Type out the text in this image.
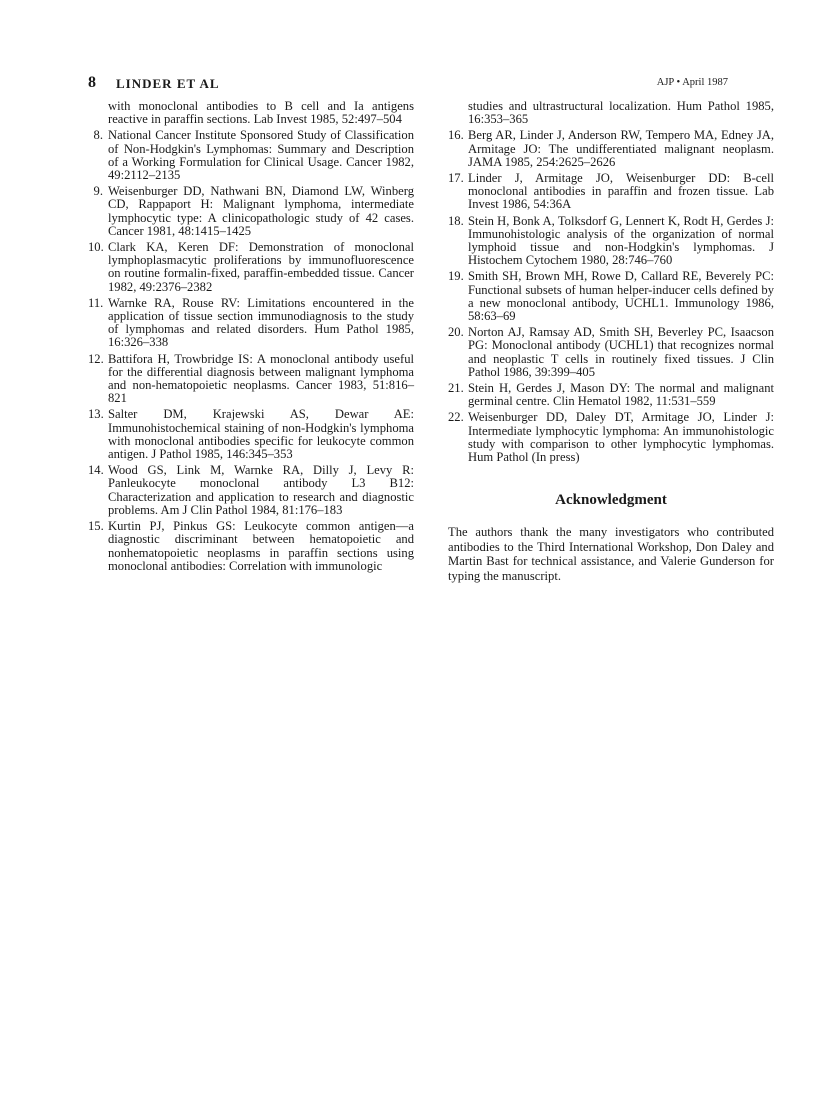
8 LINDER ET AL	AJP • April 1987
with monoclonal antibodies to B cell and Ia antigens reactive in paraffin sections. Lab Invest 1985, 52:497–504
8. National Cancer Institute Sponsored Study of Classification of Non-Hodgkin's Lymphomas: Summary and Description of a Working Formulation for Clinical Usage. Cancer 1982, 49:2112–2135
9. Weisenburger DD, Nathwani BN, Diamond LW, Winberg CD, Rappaport H: Malignant lymphoma, intermediate lymphocytic type: A clinicopathologic study of 42 cases. Cancer 1981, 48:1415–1425
10. Clark KA, Keren DF: Demonstration of monoclonal lymphoplasmacytic proliferations by immunofluorescence on routine formalin-fixed, paraffin-embedded tissue. Cancer 1982, 49:2376–2382
11. Warnke RA, Rouse RV: Limitations encountered in the application of tissue section immunodiagnosis to the study of lymphomas and related disorders. Hum Pathol 1985, 16:326–338
12. Battifora H, Trowbridge IS: A monoclonal antibody useful for the differential diagnosis between malignant lymphoma and non-hematopoietic neoplasms. Cancer 1983, 51:816–821
13. Salter DM, Krajewski AS, Dewar AE: Immunohistochemical staining of non-Hodgkin's lymphoma with monoclonal antibodies specific for leukocyte common antigen. J Pathol 1985, 146:345–353
14. Wood GS, Link M, Warnke RA, Dilly J, Levy R: Panleukocyte monoclonal antibody L3 B12: Characterization and application to research and diagnostic problems. Am J Clin Pathol 1984, 81:176–183
15. Kurtin PJ, Pinkus GS: Leukocyte common antigen—a diagnostic discriminant between hematopoietic and nonhematopoietic neoplasms in paraffin sections using monoclonal antibodies: Correlation with immunologic
studies and ultrastructural localization. Hum Pathol 1985, 16:353–365
16. Berg AR, Linder J, Anderson RW, Tempero MA, Edney JA, Armitage JO: The undifferentiated malignant neoplasm. JAMA 1985, 254:2625–2626
17. Linder J, Armitage JO, Weisenburger DD: B-cell monoclonal antibodies in paraffin and frozen tissue. Lab Invest 1986, 54:36A
18. Stein H, Bonk A, Tolksdorf G, Lennert K, Rodt H, Gerdes J: Immunohistologic analysis of the organization of normal lymphoid tissue and non-Hodgkin's lymphomas. J Histochem Cytochem 1980, 28:746–760
19. Smith SH, Brown MH, Rowe D, Callard RE, Beverely PC: Functional subsets of human helper-inducer cells defined by a new monoclonal antibody, UCHL1. Immunology 1986, 58:63–69
20. Norton AJ, Ramsay AD, Smith SH, Beverley PC, Isaacson PG: Monoclonal antibody (UCHL1) that recognizes normal and neoplastic T cells in routinely fixed tissues. J Clin Pathol 1986, 39:399–405
21. Stein H, Gerdes J, Mason DY: The normal and malignant germinal centre. Clin Hematol 1982, 11:531–559
22. Weisenburger DD, Daley DT, Armitage JO, Linder J: Intermediate lymphocytic lymphoma: An immunohistologic study with comparison to other lymphocytic lymphomas. Hum Pathol (In press)
Acknowledgment

The authors thank the many investigators who contributed antibodies to the Third International Workshop, Don Daley and Martin Bast for technical assistance, and Valerie Gunderson for typing the manuscript.
